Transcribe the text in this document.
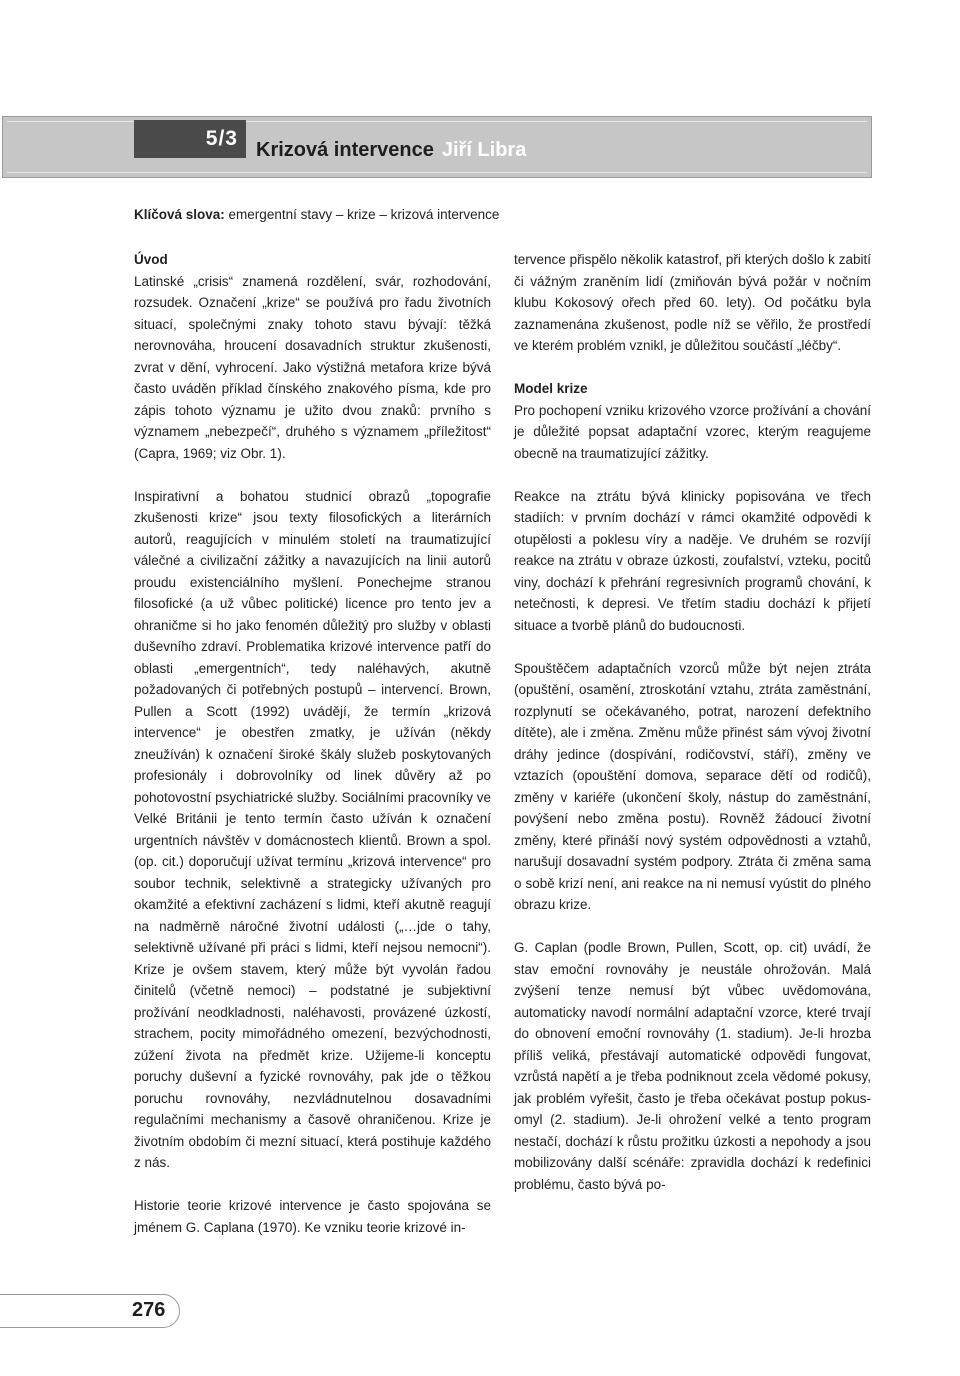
5/3 Krizová intervence Jiří Libra
Klíčová slova: emergentní stavy – krize – krizová intervence
Úvod

Latinské „crisis“ znamená rozdělení, svár, rozhodování, rozsudek. Označení „krize“ se používá pro řadu životních situací, společnými znaky tohoto stavu bývají: těžká nerovnováha, hroucení dosavadních struktur zkušenosti, zvrat v dění, vyhrocení. Jako výstižná metafora krize bývá často uváděn příklad čínského znakového písma, kde pro zápis tohoto významu je užito dvou znaků: prvního s významem „nebezpečí“, druhého s významem „příležitost“ (Capra, 1969; viz Obr. 1).

Inspirativní a bohatou studnicí obrazů „topografie zkušenosti krize“ jsou texty filosofických a literárních autorů, reagujících v minulém století na traumatizující válečné a civilizační zážitky a navazujících na linii autorů proudu existenciálního myšlení. Ponechejme stranou filosofické (a už vůbec politické) licence pro tento jev a ohraničme si ho jako fenomén důležitý pro služby v oblasti duševního zdraví. Problematika krizové intervence patří do oblasti „emergentních“, tedy naléhavých, akutně požadovaných či potřebných postupů – intervencí. Brown, Pullen a Scott (1992) uvádějí, že termín „krizová intervence“ je obestřen zmatky, je užíván (někdy zneužíván) k označení široké škály služeb poskytovaných profesionály i dobrovolníky od linek důvěry až po pohotovostní psychiatrické služby. Sociálními pracovníky ve Velké Británii je tento termín často užíván k označení urgentních návštěv v domácnostech klientů. Brown a spol. (op. cit.) doporučují užívat termínu „krizová intervence“ pro soubor technik, selektivně a strategicky užívaných pro okamžité a efektivní zacházení s lidmi, kteří akutně reagují na nadměrně náročné životní události („…jde o tahy, selektivně užívané při práci s lidmi, kteří nejsou nemocni“). Krize je ovšem stavem, který může být vyvolán řadou činitelů (včetně nemoci) – podstatné je subjektivní prožívání neodkladnosti, naléhavosti, provázené úzkostí, strachem, pocity mimořádného omezení, bezvýchodnosti, zúžení života na předmět krize. Užijeme-li konceptu poruchy duševní a fyzické rovnováhy, pak jde o těžkou poruchu rovnováhy, nezvládnutelnou dosavadními regulačními mechanismy a časově ohraničenou. Krize je životním obdobím či mezní situací, která postihuje každého z nás.

Historie teorie krizové intervence je často spojována se jménem G. Caplana (1970). Ke vzniku teorie krizové in-

tervence přispělo několik katastrof, při kterých došlo k zabití či vážným zraněním lidí (zmiňován bývá požár v nočním klubu Kokosový ořech před 60. lety). Od počátku byla zaznamenána zkušenost, podle níž se věřilo, že prostředí ve kterém problém vznikl, je důležitou součástí „léčby“.

Model krize

Pro pochopení vzniku krizového vzorce prožívání a chování je důležité popsat adaptační vzorec, kterým reagujeme obecně na traumatizující zážitky.

Reakce na ztrátu bývá klinicky popisována ve třech stadiích: v prvním dochází v rámci okamžité odpovědi k otupělosti a poklesu víry a naděje. Ve druhém se rozvíjí reakce na ztrátu v obraze úzkosti, zoufalství, vzteku, pocitů viny, dochází k přehrání regresivních programů chování, k netečnosti, k depresi. Ve třetím stadiu dochází k přijetí situace a tvorbě plánů do budoucnosti.

Spouštěčem adaptačních vzorců může být nejen ztráta (opuštění, osamění, ztroskotání vztahu, ztráta zaměstnání, rozplynutí se očekávaného, potrat, narození defektního dítěte), ale i změna. Změnu může přinést sám vývoj životní dráhy jedince (dospívání, rodičovství, stáří), změny ve vztazích (opouštění domova, separace dětí od rodičů), změny v kariéře (ukončení školy, nástup do zaměstnání, povýšení nebo změna postu). Rovněž žádoucí životní změny, které přináší nový systém odpovědnosti a vztahů, narušují dosavadní systém podpory. Ztráta či změna sama o sobě krizí není, ani reakce na ni nemusí vyústit do plného obrazu krize.

G. Caplan (podle Brown, Pullen, Scott, op. cit) uvádí, že stav emoční rovnováhy je neustále ohrožován. Malá zvýšení tenze nemusí být vůbec uvědomována, automaticky navodí normální adaptační vzorce, které trvají do obnovení emoční rovnováhy (1. stadium). Je-li hrozba příliš veliká, přestávají automatické odpovědi fungovat, vzrůstá napětí a je třeba podniknout zcela vědomé pokusy, jak problém vyřešit, často je třeba očekávat postup pokus-omyl (2. stadium). Je-li ohrožení velké a tento program nestačí, dochází k růstu prožitku úzkosti a nepohody a jsou mobilizovány další scénáře: zpravidla dochází k redefinici problému, často bývá po-

276
